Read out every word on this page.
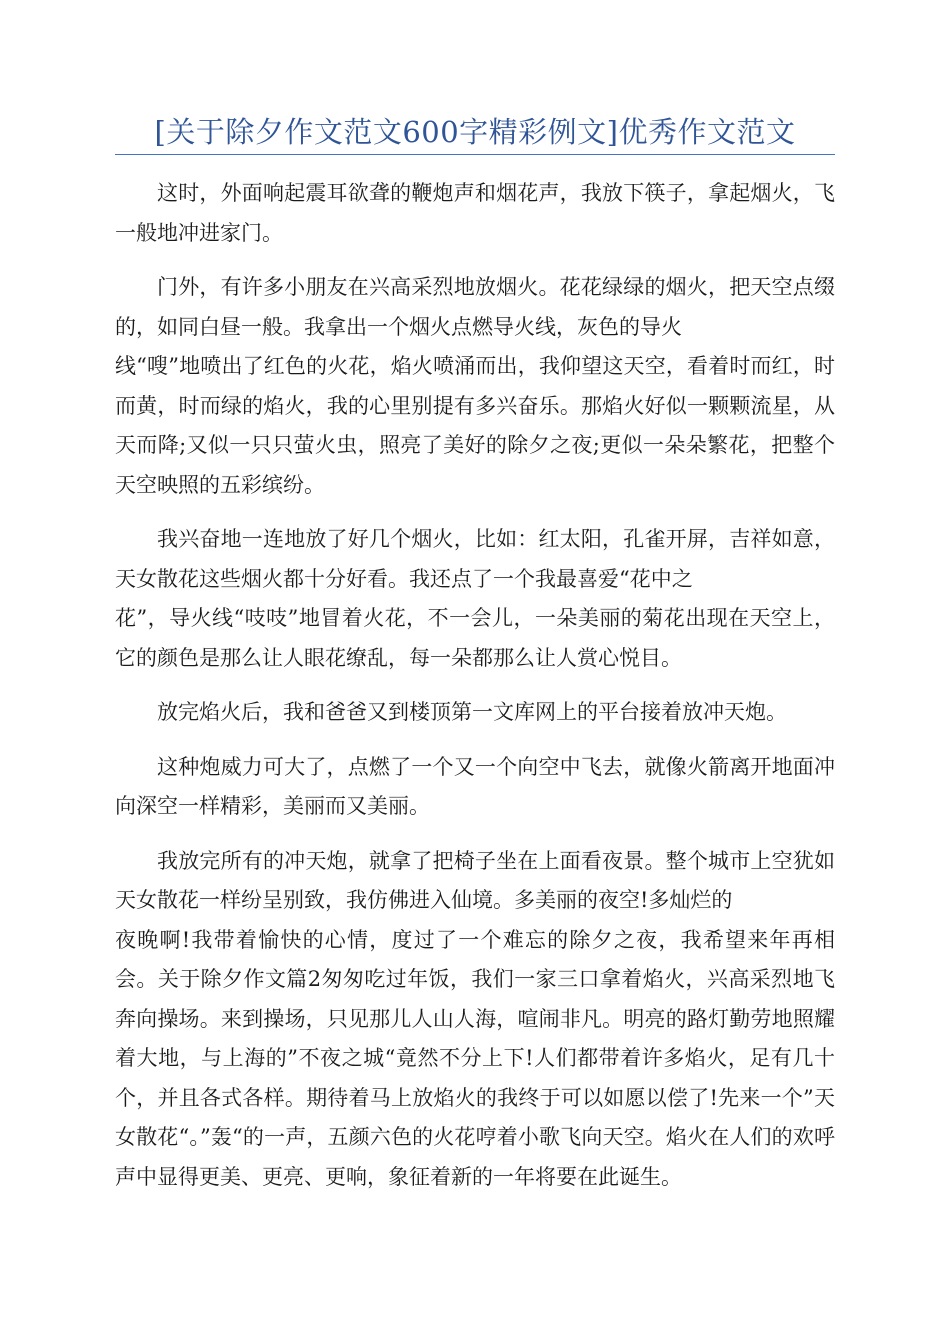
[关于除夕作文范文600字精彩例文]优秀作文范文

这时，外面响起震耳欲聋的鞭炮声和烟花声，我放下筷子，拿起烟火，飞一般地冲进家门。

门外，有许多小朋友在兴高采烈地放烟火。花花绿绿的烟火，把天空点缀的，如同白昼一般。我拿出一个烟火点燃导火线，灰色的导火
线“嗖”地喷出了红色的火花，焰火喷涌而出，我仰望这天空，看着时而红，时而黄，时而绿的焰火，我的心里别提有多兴奋乐。那焰火好似一颗颗流星，从天而降;又似一只只萤火虫，照亮了美好的除夕之夜;更似一朵朵繁花，把整个天空映照的五彩缤纷。

我兴奋地一连地放了好几个烟火，比如：红太阳，孔雀开屏，吉祥如意，天女散花这些烟火都十分好看。我还点了一个我最喜爱“花中之
花”，导火线“吱吱”地冒着火花，不一会儿，一朵美丽的菊花出现在天空上，它的颜色是那么让人眼花缭乱，每一朵都那么让人赏心悦目。

放完焰火后，我和爸爸又到楼顶第一文库网上的平台接着放冲天炮。

这种炮威力可大了，点燃了一个又一个向空中飞去，就像火箭离开地面冲向深空一样精彩，美丽而又美丽。

我放完所有的冲天炮，就拿了把椅子坐在上面看夜景。整个城市上空犹如天女散花一样纷呈别致，我仿佛进入仙境。多美丽的夜空!多灿烂的
夜晚啊!我带着愉快的心情，度过了一个难忘的除夕之夜，我希望来年再相会。关于除夕作文篇2匆匆吃过年饭，我们一家三口拿着焰火，兴高采烈地飞奔向操场。来到操场，只见那儿人山人海，喧闹非凡。明亮的路灯勤劳地照耀着大地，与上海的”不夜之城“竟然不分上下!人们都带着许多焰火，足有几十个，并且各式各样。期待着马上放焰火的我终于可以如愿以偿了!先来一个”天女散花“。”轰“的一声，五颜六色的火花哼着小歌飞向天空。焰火在人们的欢呼声中显得更美、更亮、更响，象征着新的一年将要在此诞生。
